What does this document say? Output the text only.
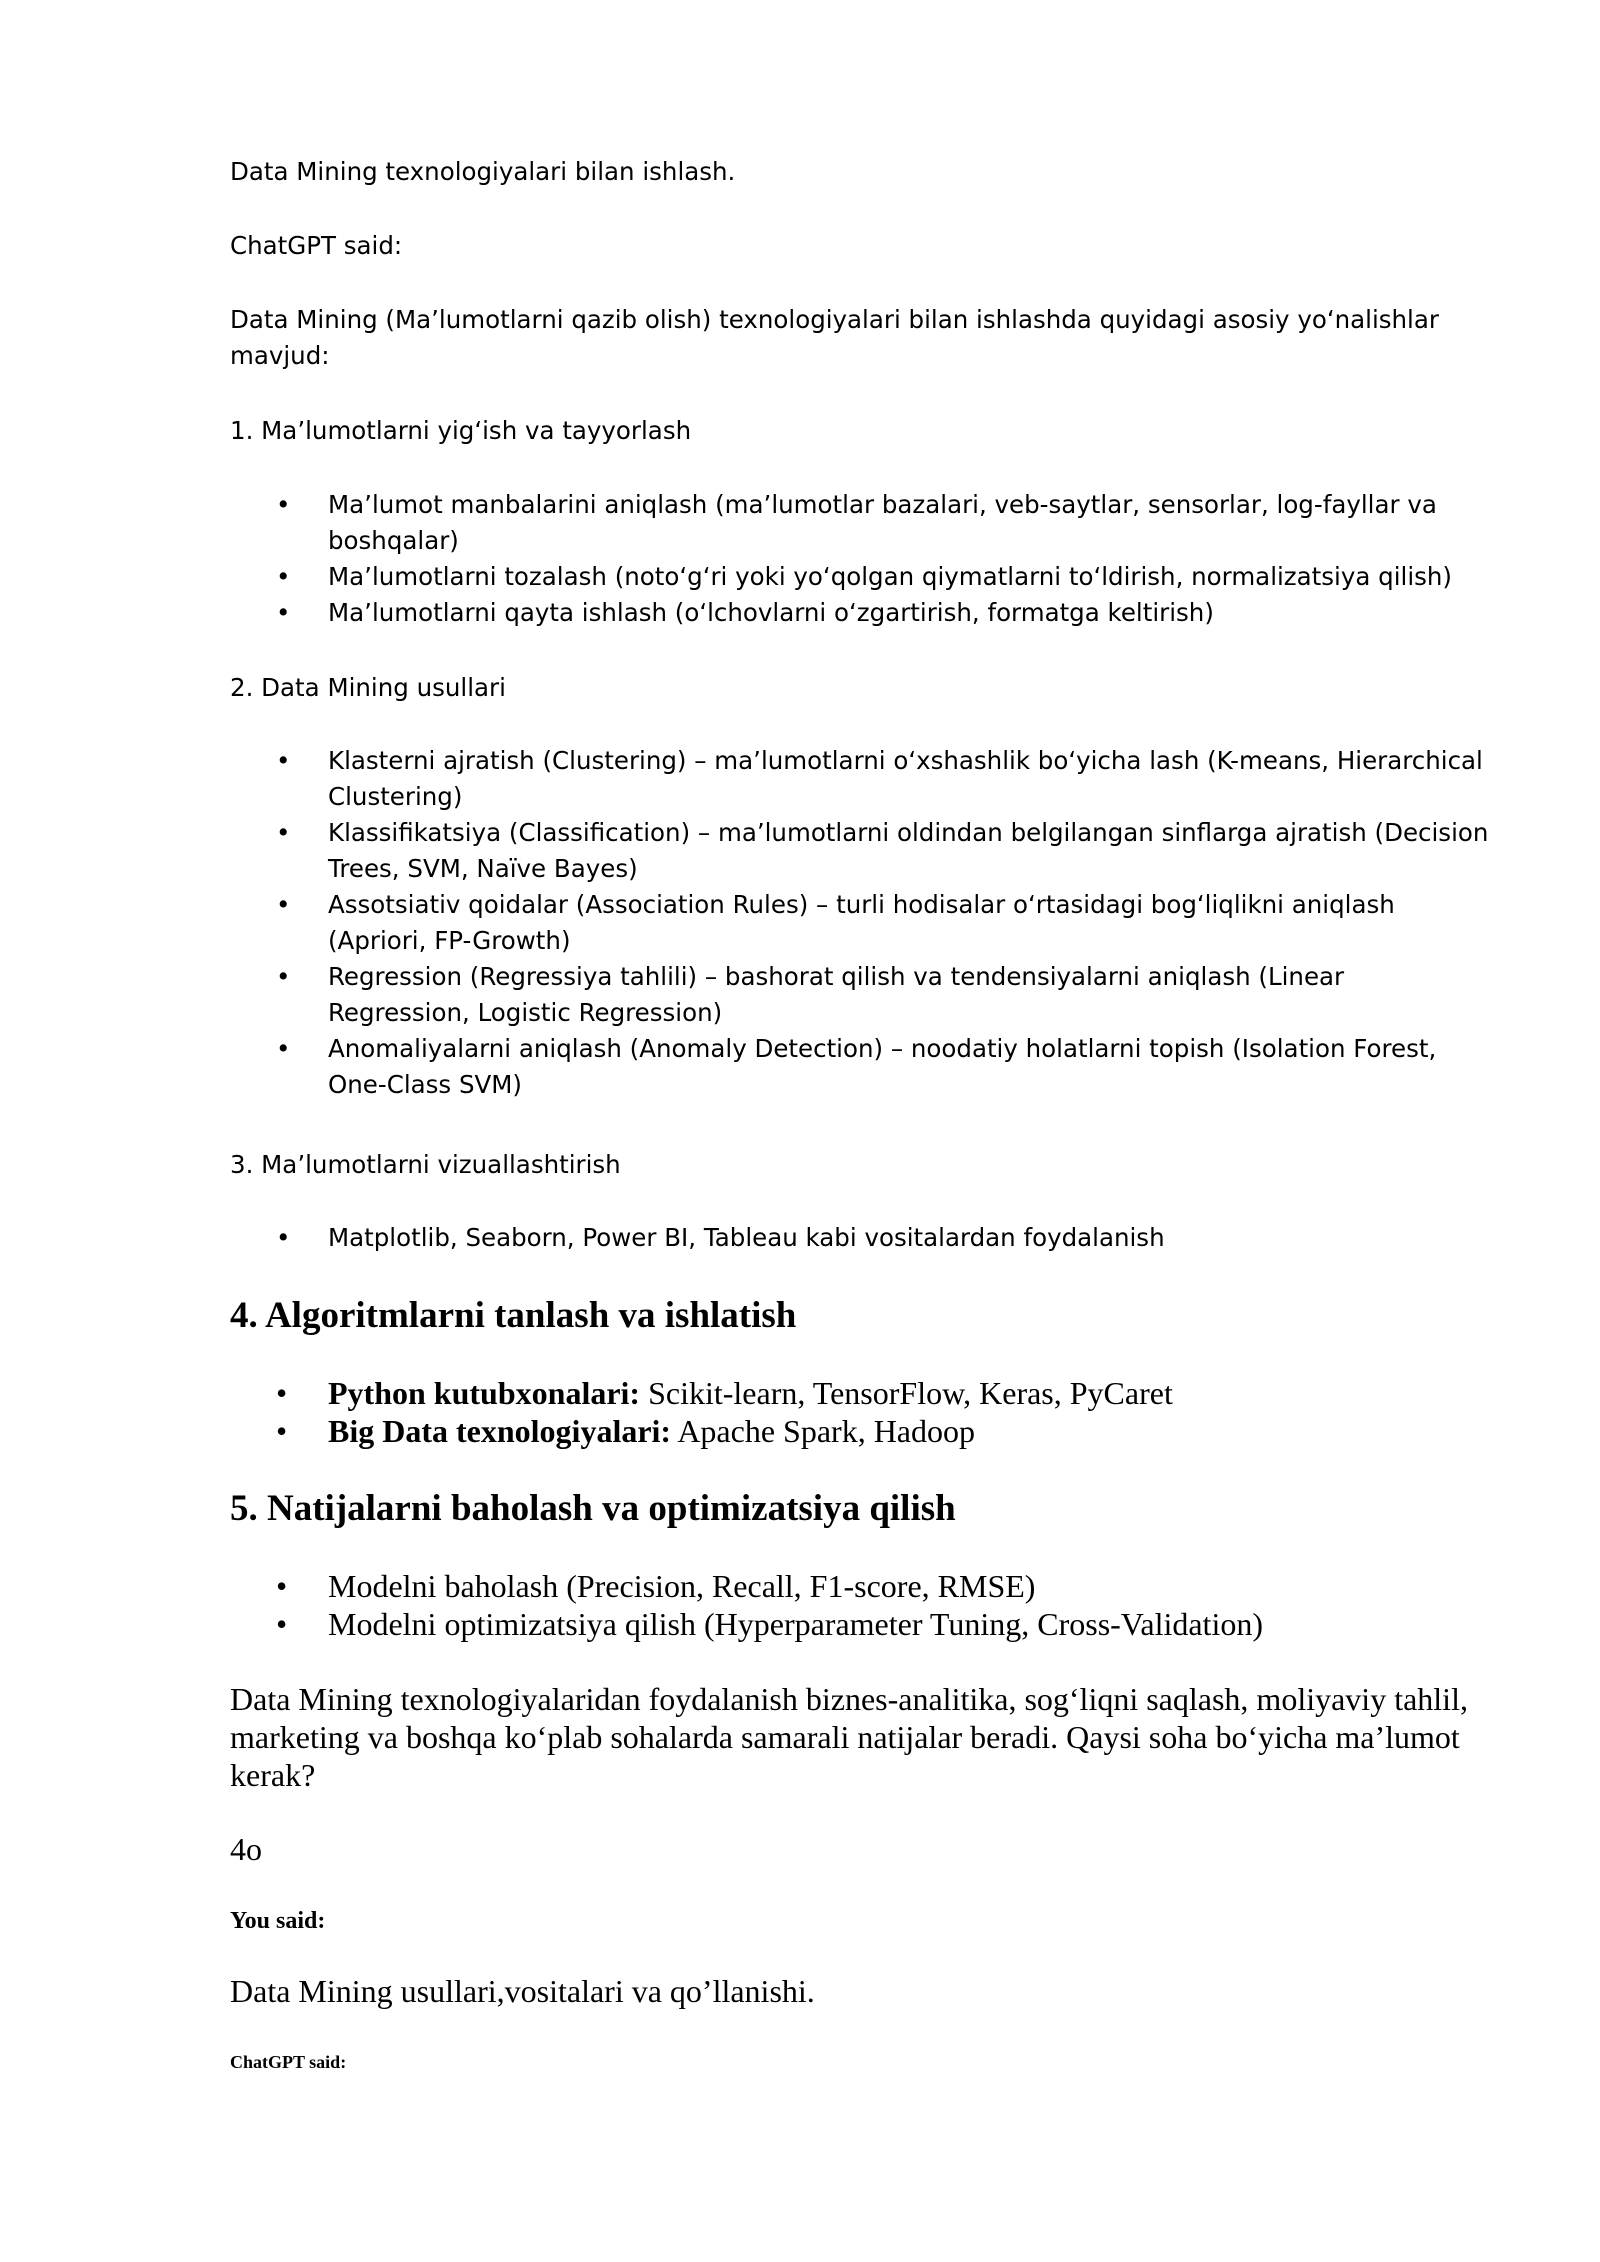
Data Mining texnologiyalari bilan ishlash.

ChatGPT said:

Data Mining (Ma’lumotlarni qazib olish) texnologiyalari bilan ishlashda quyidagi asosiy yo‘nalishlar mavjud:

1. Ma’lumotlarni yig‘ish va tayyorlash

• Ma’lumot manbalarini aniqlash (ma’lumotlar bazalari, veb-saytlar, sensorlar, log-fayllar va boshqalar)
• Ma’lumotlarni tozalash (noto‘g‘ri yoki yo‘qolgan qiymatlarni to‘ldirish, normalizatsiya qilish)
• Ma’lumotlarni qayta ishlash (o‘lchovlarni o‘zgartirish, formatga keltirish)

2. Data Mining usullari

• Klasterni ajratish (Clustering) – ma’lumotlarni o‘xshashlik bo‘yicha lash (K-means, Hierarchical Clustering)
• Klassifikatsiya (Classification) – ma’lumotlarni oldindan belgilangan sinflarga ajratish (Decision Trees, SVM, Naïve Bayes)
• Assotsiativ qoidalar (Association Rules) – turli hodisalar o‘rtasidagi bog‘liqlikni aniqlash (Apriori, FP-Growth)
• Regression (Regressiya tahlili) – bashorat qilish va tendensiyalarni aniqlash (Linear Regression, Logistic Regression)
• Anomaliyalarni aniqlash (Anomaly Detection) – noodatiy holatlarni topish (Isolation Forest, One-Class SVM)

3. Ma’lumotlarni vizuallashtirish

• Matplotlib, Seaborn, Power BI, Tableau kabi vositalardan foydalanish
4. Algoritmlarni tanlash va ishlatish
• Python kutubxonalari: Scikit-learn, TensorFlow, Keras, PyCaret
• Big Data texnologiyalari: Apache Spark, Hadoop
5. Natijalarni baholash va optimizatsiya qilish
• Modelni baholash (Precision, Recall, F1-score, RMSE)
• Modelni optimizatsiya qilish (Hyperparameter Tuning, Cross-Validation)

Data Mining texnologiyalaridan foydalanish biznes-analitika, sog‘liqni saqlash, moliyaviy tahlil, marketing va boshqa ko‘plab sohalarda samarali natijalar beradi. Qaysi soha bo‘yicha ma’lumot kerak?

4o

You said:

Data Mining usullari,vositalari va qo’llanishi.

ChatGPT said:
